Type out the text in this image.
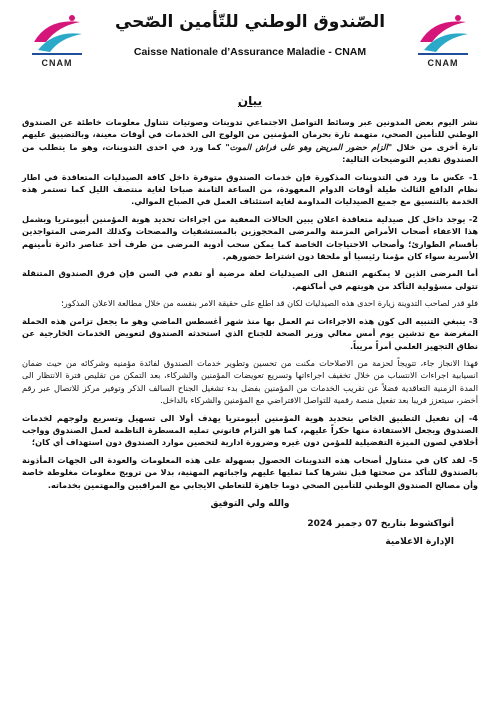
CNAM
الصّندوق الوطني للتّأمين الصّحي
Caisse Nationale d’Assurance Maladie - CNAM
CNAM
بيان

نشر اليوم بعض المدونين عبر وسائط التواصل الاجتماعي تدوينات وصوتيات تتناول معلومات خاطئة عن الصندوق الوطني للتأمين الصحي، متهمة تارة بحرمان المؤمنين من الولوج الى الخدمات في أوقات معينة، وبالتضييق عليهم تارة أخرى من خلال "الزام حضور المريض وهو على فراش الموت" كما ورد في احدى التدوينات، وهو ما يتطلب من الصندوق تقديم التوضيحات التالية:

1- عكس ما ورد في التدوينات المذكورة فإن خدمات الصندوق متوفرة داخل كافة الصيدليات المتعاقدة في اطار نظام الدافع الثالث طيلة أوقات الدوام المعهودة، من الساعة الثامنة صباحا لغاية منتصف الليل كما تستمر هذه الخدمة بالتنسيق مع جميع الصيدليات المداومة لغاية استئناف العمل في الصباح الموالي.

2- يوجد داخل كل صيدلية متعاقدة اعلان يبين الحالات المعفية من اجراءات تحديد هوية المؤمنين أبيومتريا ويشمل هذا الاعفاء أصحاب الأمراض المزمنة والمرضى المحجوزين بالمستشفيات والمصحات وكذلك المرضى المتواجدين بأقسام الطوارئ؛ وأصحاب الاحتياجات الخاصة كما يمكن سحب أدوية المرضى من طرف أحد عناصر دائرة تأمينهم الأسرية سواء كان مؤمنا رئيسيا أو ملحقا دون اشتراط حضورهم.

أما المرضى الذين لا يمكنهم التنقل الى الصيدليات لعلة مرضية أو تقدم في السن فإن فرق الصندوق المتنقلة تتولى مسؤولية التأكد من هويتهم في أماكنهم.

فلو قدر لصاحب التدوينة زيارة احدى هذه الصيدليات لكان قد اطلع على حقيقة الامر بنفسه من خلال مطالعة الاعلان المذكور؛

3- ينبغي التنبيه الى كون هذه الاجراءات تم العمل بها منذ شهر أغسطس الماضي وهو ما يجعل تزامن هذه الحملة المغرضة مع تدشين يوم أمس معالي وزير الصحة للجناح الذي استحدثه الصندوق لتعويض الخدمات الخارجية عن نطاق التجهيز العلمي أمراً مريباً.

فهذا الانجاز جاء، تتويجاً لحزمة من الاصلاحات مكنت من تحسين وتطوير خدمات الصندوق لفائدة مؤمنيه وشركائه من حيث ضمان انسيابية اجراءات الانتساب من خلال تخفيف اجراءاتها وتسريع تعويضات المؤمنين والشركاء، بعد التمكن من تقليص فترة الانتظار الى المدة الزمنية التعاقدية فضلاً عن تقريب الخدمات من المؤمنين بفضل بدء تشغيل الجناح السالف الذكر وتوفير مركز للاتصال عبر رقم أخضر، سيتعزز قريبا بعد تفعيل منصة رقمية للتواصل الافتراضي مع المؤمنين والشركاء بالداخل.

4- إن تفعيل التطبيق الخاص بتحديد هوية المؤمنين أبيومتريا يهدف أولا الى تسهيل وتسريع ولوجهم لخدمات الصندوق ويجعل الاستفادة منها حكراً عليهم، كما هو التزام قانوني تمليه المسطرة الناظمة لعمل الصندوق وواجب أخلاقي لصون الميزة التفضيلية للمؤمن دون غيره وضرورة ادارية لتحصين موارد الصندوق دون استهداف أي كان؛

5- لقد كان في متناول أصحاب هذه التدوينات الحصول بسهولة على هذه المعلومات والعودة الى الجهات المأذونة بالصندوق للتأكد من صحتها قبل نشرها كما تمليها عليهم واجباتهم المهنية، بدلا من ترويج معلومات مغلوطة خاصة وأن مصالح الصندوق الوطني للتأمين الصحي دوما جاهزة للتعاطي الايجابي مع المراقبين والمهتمين بخدماته.

والله ولي التوفيق
أنواكشوط بتاريخ 07 دجمبر 2024
الإدارة الاعلامية
